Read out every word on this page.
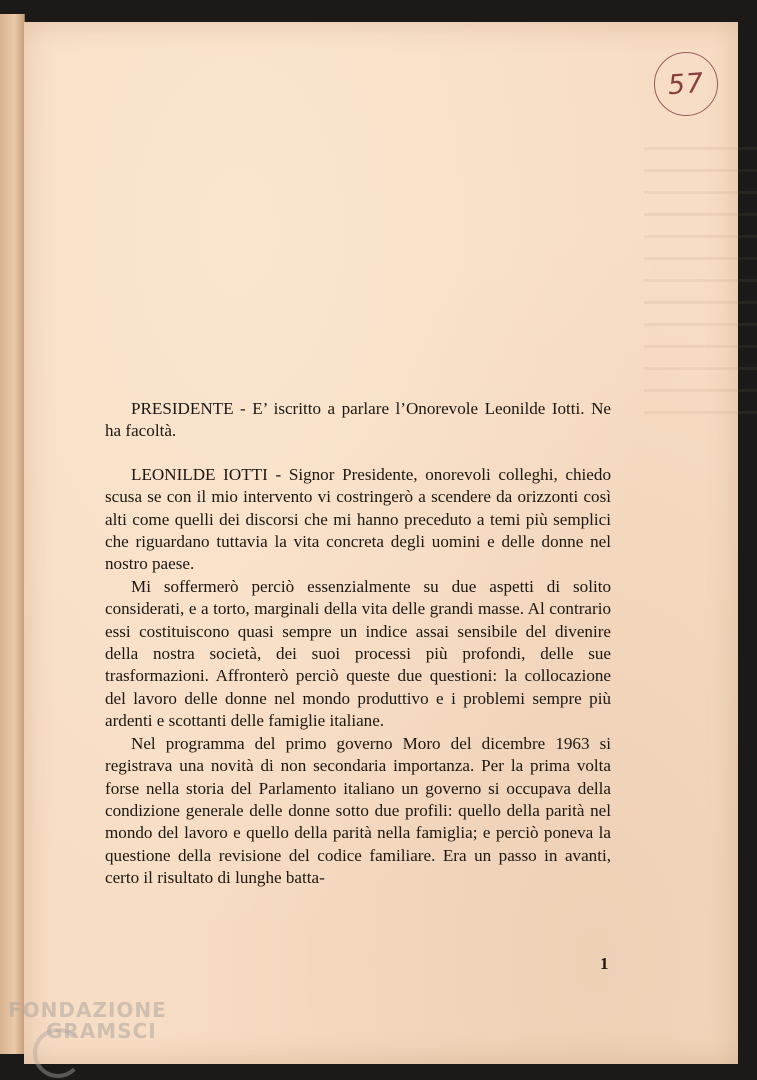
57

PRESIDENTE - E’ iscritto a parlare l’Onorevole Leonilde Iotti. Ne ha facoltà.

LEONILDE IOTTI - Signor Presidente, onorevoli colleghi, chiedo scusa se con il mio intervento vi costringerò a scendere da orizzonti così alti come quelli dei discorsi che mi hanno preceduto a temi più semplici che riguardano tuttavia la vita concreta degli uomini e delle donne nel nostro paese.

Mi soffermerò perciò essenzialmente su due aspetti di solito considerati, e a torto, marginali della vita delle grandi masse. Al contrario essi costituiscono quasi sempre un indice assai sensibile del divenire della nostra società, dei suoi processi più profondi, delle sue trasformazioni. Affronterò perciò queste due questioni: la collocazione del lavoro delle donne nel mondo produttivo e i problemi sempre più ardenti e scottanti delle famiglie italiane.

Nel programma del primo governo Moro del dicembre 1963 si registrava una novità di non secondaria importanza. Per la prima volta forse nella storia del Parlamento italiano un governo si occupava della condizione generale delle donne sotto due profili: quello della parità nel mondo del lavoro e quello della parità nella famiglia; e perciò poneva la questione della revisione del codice familiare. Era un passo in avanti, certo il risultato di lunghe batta-

1
FONDAZIONE
GRAMSCI
